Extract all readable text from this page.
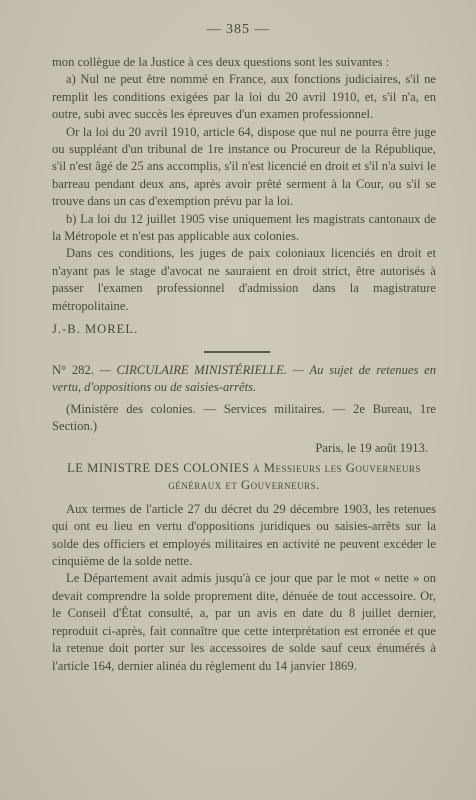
— 385 —

mon collègue de la Justice à ces deux questions sont les suivantes :

a) Nul ne peut être nommé en France, aux fonctions judiciaires, s'il ne remplit les conditions exigées par la loi du 20 avril 1910, et, s'il n'a, en outre, subi avec succès les épreuves d'un examen professionnel.

Or la loi du 20 avril 1910, article 64, dispose que nul ne pourra être juge ou suppléant d'un tribunal de 1re instance ou Procureur de la République, s'il n'est âgé de 25 ans accomplis, s'il n'est licencié en droit et s'il n'a suivi le barreau pendant deux ans, après avoir prêté serment à la Cour, ou s'il se trouve dans un cas d'exemption prévu par la loi.

b) La loi du 12 juillet 1905 vise uniquement les magistrats cantonaux de la Métropole et n'est pas applicable aux colonies.

Dans ces conditions, les juges de paix coloniaux licenciés en droit et n'ayant pas le stage d'avocat ne sauraient en droit strict, être autorisés à passer l'examen professionnel d'admission dans la magistrature métropolitaine.

J.-B. MOREL.

N° 282. — CIRCULAIRE MINISTÉRIELLE. — Au sujet de retenues en vertu, d'oppositions ou de saisies-arrêts.

(Ministère des colonies. — Services militaires. — 2e Bureau, 1re Section.)

Paris, le 19 août 1913.

LE MINISTRE DES COLONIES à Messieurs les Gouverneurs généraux et Gouverneurs.

Aux termes de l'article 27 du décret du 29 décembre 1903, les retenues qui ont eu lieu en vertu d'oppositions juridiques ou saisies-arrêts sur la solde des officiers et employés militaires en activité ne peuvent excéder le cinquième de la solde nette.

Le Département avait admis jusqu'à ce jour que par le mot « nette » on devait comprendre la solde proprement dite, dénuée de tout accessoire. Or, le Conseil d'État consulté, a, par un avis en date du 8 juillet dernier, reproduit ci-après, fait connaître que cette interprétation est erronée et que la retenue doit porter sur les accessoires de solde sauf ceux énumérés à l'article 164, dernier alinéa du règlement du 14 janvier 1869.
